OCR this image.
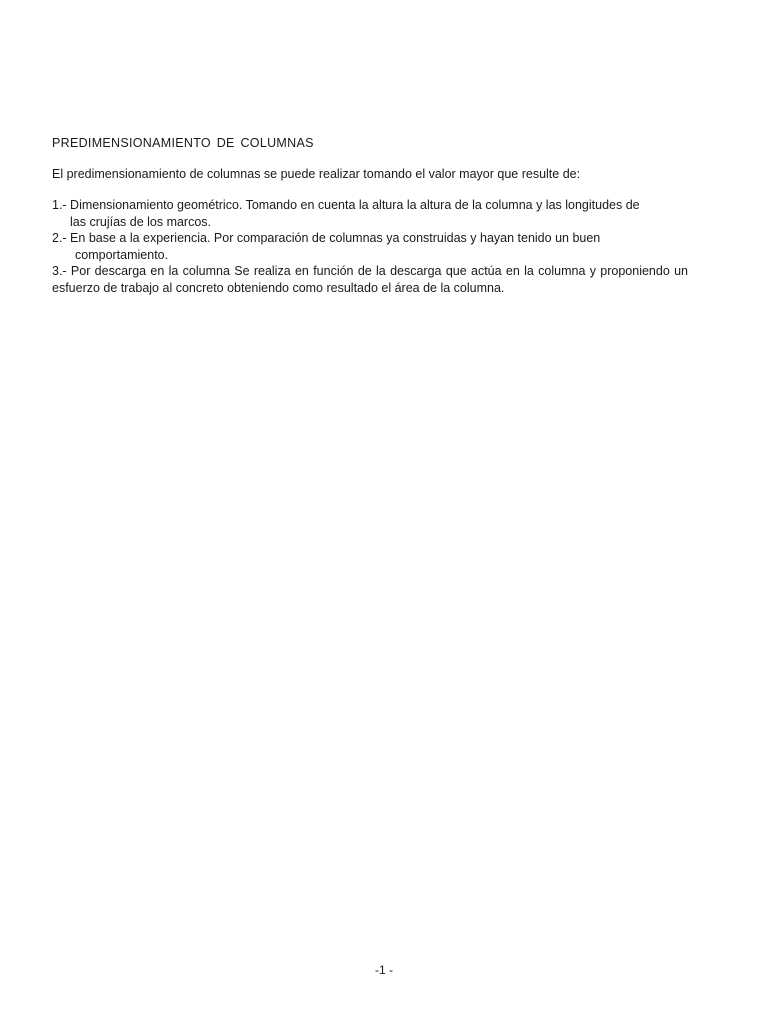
PREDIMENSIONAMIENTO DE COLUMNAS
El predimensionamiento de columnas se puede realizar tomando el valor mayor que resulte de:

1.- Dimensionamiento geométrico. Tomando en cuenta la altura la altura de la columna y las longitudes de
las crujías de los marcos.

2.- En base a la experiencia. Por comparación de columnas ya construidas y hayan tenido un buen
comportamiento.

3.- Por descarga en la columna Se realiza en función de la descarga que actúa en la columna y proponiendo un esfuerzo de trabajo al concreto obteniendo como resultado el área de la columna.

-1 -
